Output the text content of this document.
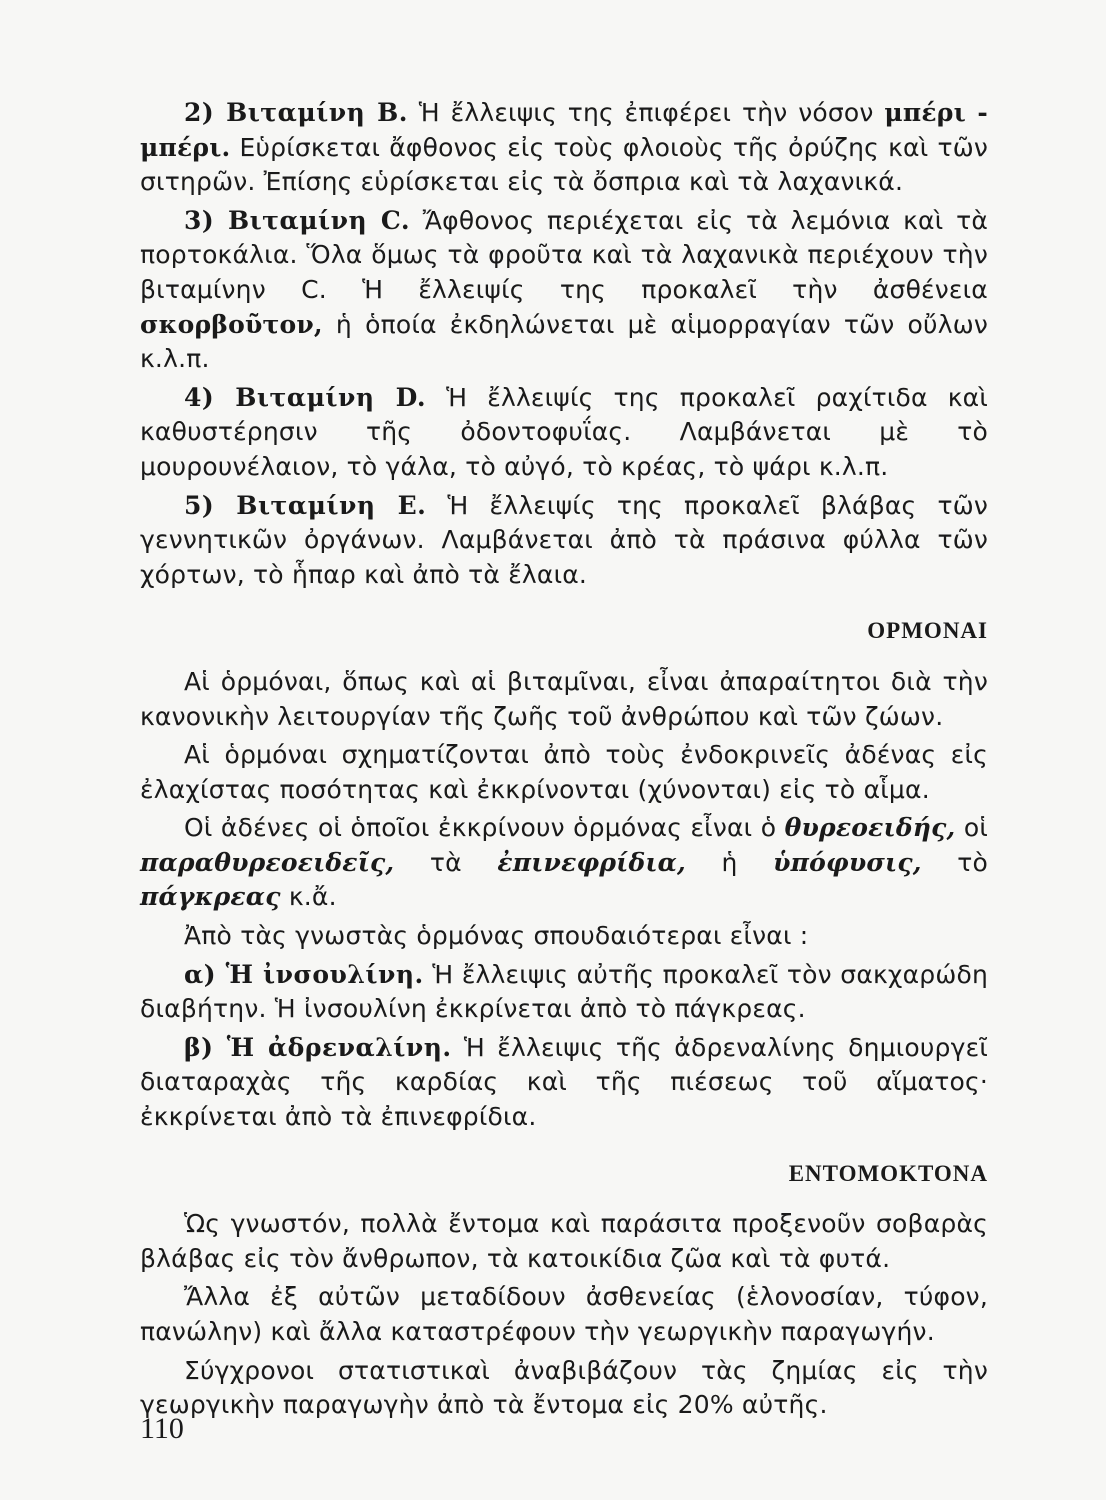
2) Βιταμίνη B. Ἡ ἔλλειψις της ἐπιφέρει τὴν νόσον μπέρι - μπέρι. Εὑρίσκεται ἄφθονος εἰς τοὺς φλοιοὺς τῆς ὀρύζης καὶ τῶν σιτηρῶν. Ἐπίσης εὑρίσκεται εἰς τὰ ὄσπρια καὶ τὰ λαχανικά.

3) Βιταμίνη C. Ἄφθονος περιέχεται εἰς τὰ λεμόνια καὶ τὰ πορτοκάλια. Ὅλα ὅμως τὰ φροῦτα καὶ τὰ λαχανικὰ περιέχουν τὴν βιταμίνην C. Ἡ ἔλλειψίς της προκαλεῖ τὴν ἀσθένεια σκορβοῦτον, ἡ ὁποία ἐκδηλώνεται μὲ αἱμορραγίαν τῶν οὔλων κ.λ.π.

4) Βιταμίνη D. Ἡ ἔλλειψίς της προκαλεῖ ραχίτιδα καὶ καθυστέρησιν τῆς ὀδοντοφυΐας. Λαμβάνεται μὲ τὸ μουρουνέλαιον, τὸ γάλα, τὸ αὐγό, τὸ κρέας, τὸ ψάρι κ.λ.π.

5) Βιταμίνη E. Ἡ ἔλλειψίς της προκαλεῖ βλάβας τῶν γεννητικῶν ὀργάνων. Λαμβάνεται ἀπὸ τὰ πράσινα φύλλα τῶν χόρτων, τὸ ἧπαρ καὶ ἀπὸ τὰ ἔλαια.

ΟΡΜΟΝΑΙ

Αἱ ὁρμόναι, ὅπως καὶ αἱ βιταμῖναι, εἶναι ἀπαραίτητοι διὰ τὴν κανονικὴν λειτουργίαν τῆς ζωῆς τοῦ ἀνθρώπου καὶ τῶν ζώων.

Αἱ ὁρμόναι σχηματίζονται ἀπὸ τοὺς ἐνδοκρινεῖς ἀδένας εἰς ἐλαχίστας ποσότητας καὶ ἐκκρίνονται (χύνονται) εἰς τὸ αἷμα.

Οἱ ἀδένες οἱ ὁποῖοι ἐκκρίνουν ὁρμόνας εἶναι ὁ θυρεοειδής, οἱ παραθυρεοειδεῖς, τὰ ἐπινεφρίδια, ἡ ὑπόφυσις, τὸ πάγκρεας κ.ἄ.

Ἀπὸ τὰς γνωστὰς ὁρμόνας σπουδαιότεραι εἶναι :

α) Ἡ ἰνσουλίνη. Ἡ ἔλλειψις αὐτῆς προκαλεῖ τὸν σακχαρώδη διαβήτην. Ἡ ἰνσουλίνη ἐκκρίνεται ἀπὸ τὸ πάγκρεας.

β) Ἡ ἀδρεναλίνη. Ἡ ἔλλειψις τῆς ἀδρεναλίνης δημιουργεῖ διαταραχὰς τῆς καρδίας καὶ τῆς πιέσεως τοῦ αἵματος· ἐκκρίνεται ἀπὸ τὰ ἐπινεφρίδια.

ΕΝΤΟΜΟΚΤΟΝΑ

Ὡς γνωστόν, πολλὰ ἔντομα καὶ παράσιτα προξενοῦν σοβαρὰς βλάβας εἰς τὸν ἄνθρωπον, τὰ κατοικίδια ζῶα καὶ τὰ φυτά.

Ἄλλα ἐξ αὐτῶν μεταδίδουν ἀσθενείας (ἑλονοσίαν, τύφον, πανώλην) καὶ ἄλλα καταστρέφουν τὴν γεωργικὴν παραγωγήν.

Σύγχρονοι στατιστικαὶ ἀναβιβάζουν τὰς ζημίας εἰς τὴν γεωργικὴν παραγωγὴν ἀπὸ τὰ ἔντομα εἰς 20% αὐτῆς.

110
